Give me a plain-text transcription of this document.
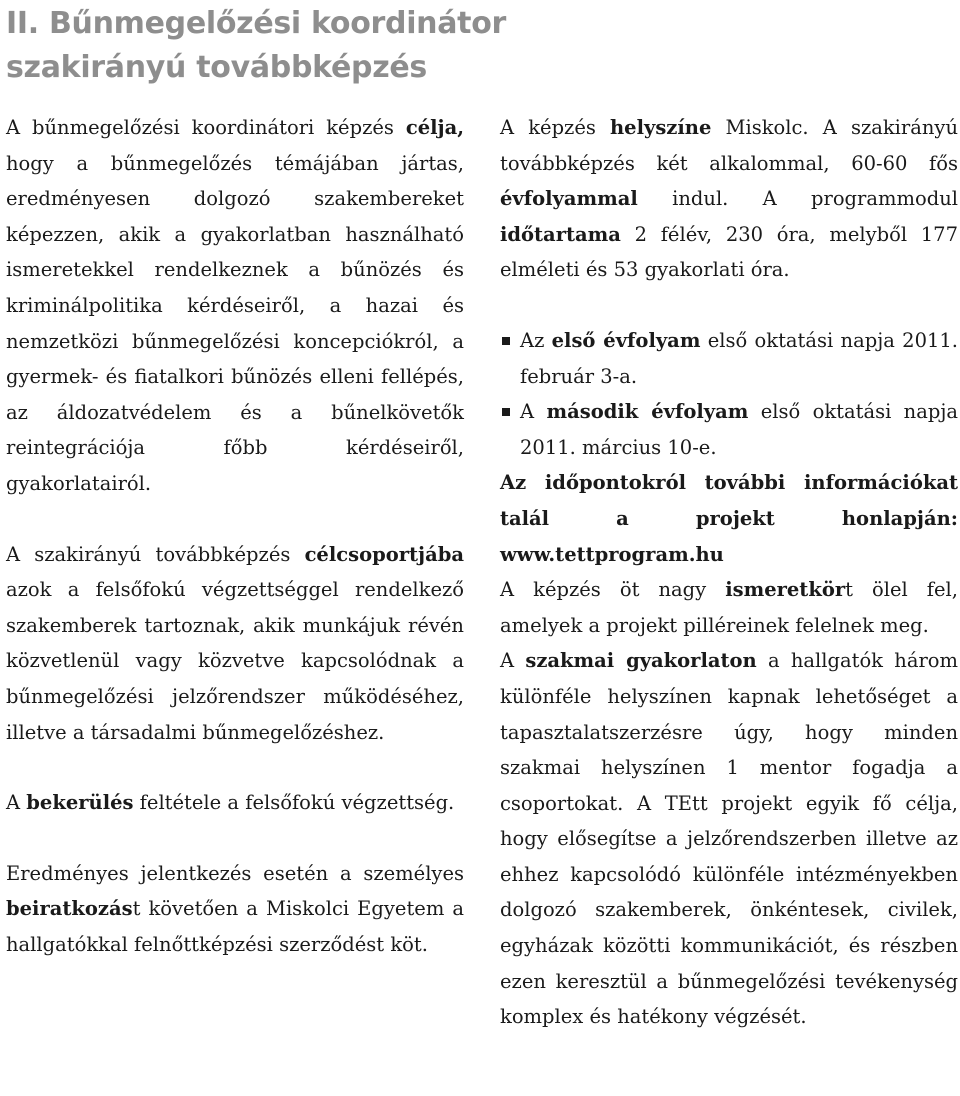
II. Bűnmegelőzési koordinátor
szakirányú továbbképzés

A bűnmegelőzési koordinátori képzés célja, hogy a bűnmegelőzés témájában jártas, eredményesen dolgozó szakembereket képezzen, akik a gyakorlatban használható ismeretekkel rendelkeznek a bűnözés és kriminálpolitika kérdéseiről, a hazai és nemzetközi bűnmegelőzési koncepciókról, a gyermek- és fiatalkori bűnözés elleni fellépés, az áldozatvédelem és a bűnelkövetők reintegrációja főbb kérdéseiről, gyakorlatairól.

A szakirányú továbbképzés célcsoportjába azok a felsőfokú végzettséggel rendelkező szakemberek tartoznak, akik munkájuk révén közvetlenül vagy közvetve kapcsolódnak a bűnmegelőzési jelzőrendszer működéséhez, illetve a társadalmi bűnmegelőzéshez.

A bekerülés feltétele a felsőfokú végzettség.

Eredményes jelentkezés esetén a személyes beiratkozást követően a Miskolci Egyetem a hallgatókkal felnőttképzési szerződést köt.

A képzés helyszíne Miskolc. A szakirányú továbbképzés két alkalommal, 60-60 fős évfolyammal indul. A programmodul időtartama 2 félév, 230 óra, melyből 177 elméleti és 53 gyakorlati óra.

Az első évfolyam első oktatási napja 2011. február 3-a.
A második évfolyam első oktatási napja 2011. március 10-e.

Az időpontokról további információkat talál a projekt honlapján: www.tettprogram.hu

A képzés öt nagy ismeretkört ölel fel, amelyek a projekt pilléreinek felelnek meg.

A szakmai gyakorlaton a hallgatók három különféle helyszínen kapnak lehetőséget a tapasztalatszerzésre úgy, hogy minden szakmai helyszínen 1 mentor fogadja a csoportokat. A TEtt projekt egyik fő célja, hogy elősegítse a jelzőrendszerben illetve az ehhez kapcsolódó különféle intézményekben dolgozó szakemberek, önkéntesek, civilek, egyházak közötti kommunikációt, és részben ezen keresztül a bűnmegelőzési tevékenység komplex és hatékony végzését.
